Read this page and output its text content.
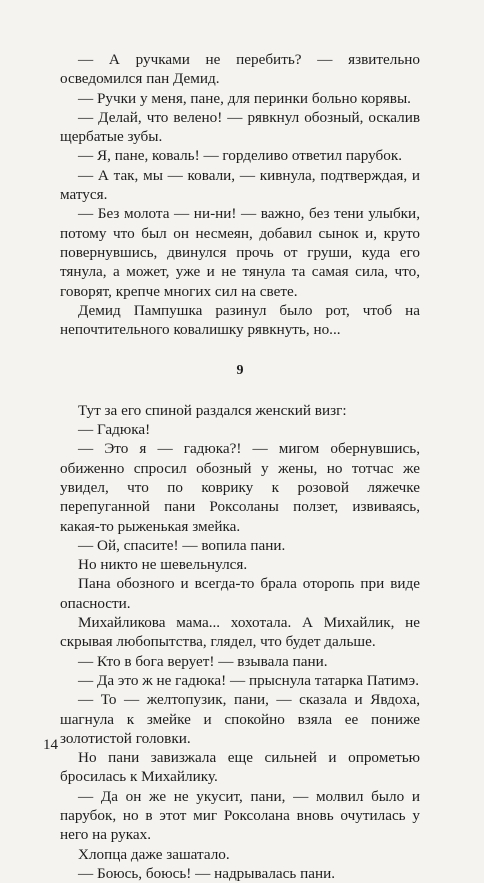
— А ручками не перебить? — язвительно осведомился пан Демид.

— Ручки у меня, пане, для перинки больно корявы.

— Делай, что велено! — рявкнул обозный, оскалив щербатые зубы.

— Я, пане, коваль! — горделиво ответил парубок.

— А так, мы — ковали, — кивнула, подтверждая, и матуся.

— Без молота — ни-ни! — важно, без тени улыбки, потому что был он несмеян, добавил сынок и, круто повернувшись, двинулся прочь от груши, куда его тянула, а может, уже и не тянула та самая сила, что, говорят, крепче многих сил на свете.

Демид Пампушка разинул было рот, чтоб на непочтительного ковалишку рявкнуть, но...

9

Тут за его спиной раздался женский визг:

— Гадюка!

— Это я — гадюка?! — мигом обернувшись, обиженно спросил обозный у жены, но тотчас же увидел, что по коврику к розовой ляжечке перепуганной пани Роксоланы ползет, извиваясь, какая-то рыженькая змейка.

— Ой, спасите! — вопила пани.

Но никто не шевельнулся.

Пана обозного и всегда-то брала оторопь при виде опасности.

Михайликова мама... хохотала. А Михайлик, не скрывая любопытства, глядел, что будет дальше.

— Кто в бога верует! — взывала пани.

— Да это ж не гадюка! — прыснула татарка Патимэ.

— То — желтопузик, пани, — сказала и Явдоха, шагнула к змейке и спокойно взяла ее пониже золотистой головки.

Но пани завизжала еще сильней и опрометью бросилась к Михайлику.

— Да он же не укусит, пани, — молвил было и парубок, но в этот миг Роксолана вновь очутилась у него на руках.

Хлопца даже зашатало.

— Боюсь, боюсь! — надрывалась пани.

14
